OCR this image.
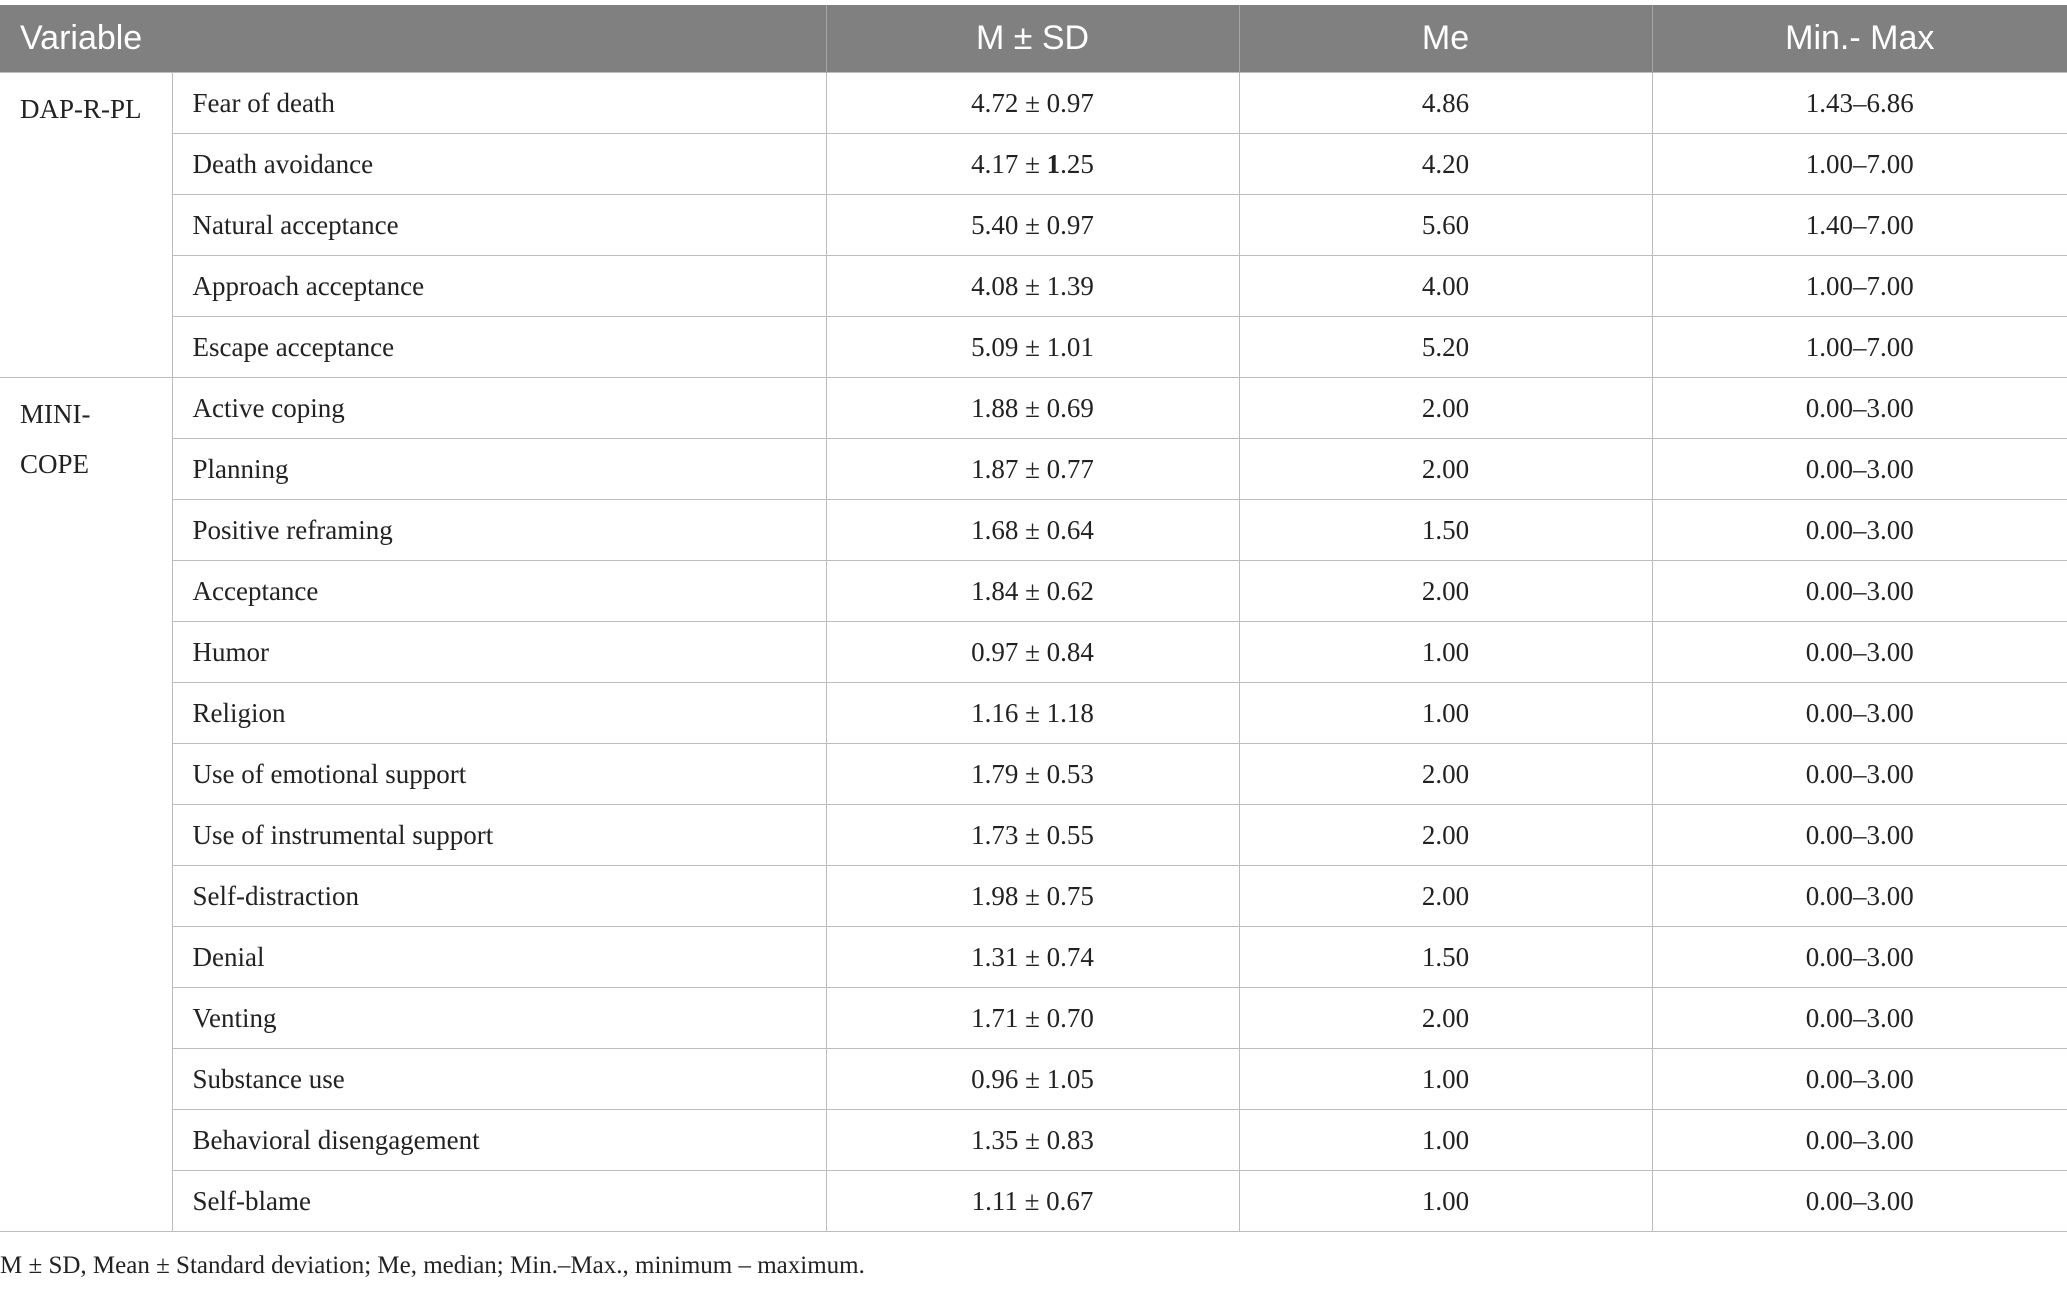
Variable		M ± SD	Me	Min.- Max
DAP-R-PL	Fear of death	4.72 ± 0.97	4.86	1.43–6.86
	Death avoidance	4.17 ± 1.25	4.20	1.00–7.00
	Natural acceptance	5.40 ± 0.97	5.60	1.40–7.00
	Approach acceptance	4.08 ± 1.39	4.00	1.00–7.00
	Escape acceptance	5.09 ± 1.01	5.20	1.00–7.00
MINI-
COPE	Active coping	1.88 ± 0.69	2.00	0.00–3.00
	Planning	1.87 ± 0.77	2.00	0.00–3.00
	Positive reframing	1.68 ± 0.64	1.50	0.00–3.00
	Acceptance	1.84 ± 0.62	2.00	0.00–3.00
	Humor	0.97 ± 0.84	1.00	0.00–3.00
	Religion	1.16 ± 1.18	1.00	0.00–3.00
	Use of emotional support	1.79 ± 0.53	2.00	0.00–3.00
	Use of instrumental support	1.73 ± 0.55	2.00	0.00–3.00
	Self-distraction	1.98 ± 0.75	2.00	0.00–3.00
	Denial	1.31 ± 0.74	1.50	0.00–3.00
	Venting	1.71 ± 0.70	2.00	0.00–3.00
	Substance use	0.96 ± 1.05	1.00	0.00–3.00
	Behavioral disengagement	1.35 ± 0.83	1.00	0.00–3.00
	Self-blame	1.11 ± 0.67	1.00	0.00–3.00
M ± SD, Mean ± Standard deviation; Me, median; Min.–Max., minimum – maximum.
